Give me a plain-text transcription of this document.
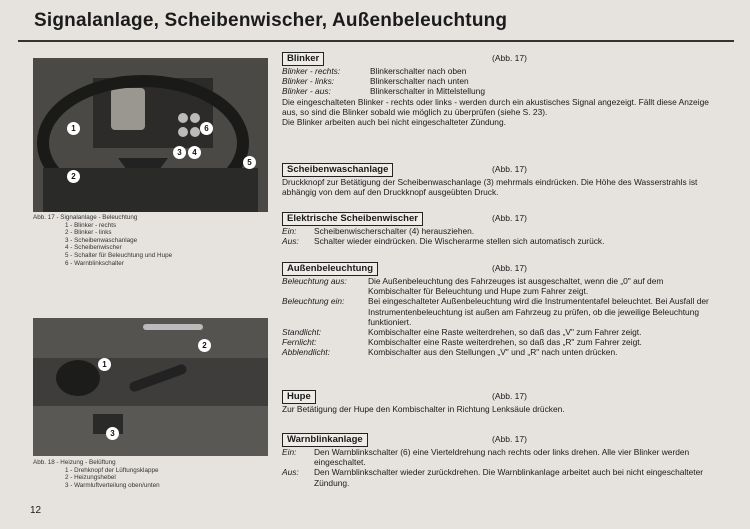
Signalanlage, Scheibenwischer, Außenbeleuchtung
1
2
3	4
5
6
Abb. 17 - Signalanlage - Beleuchtung
1 - Blinker - rechts
2 - Blinker - links
3 - Scheibenwaschanlage
4 - Scheibenwischer
5 - Schalter für Beleuchtung und Hupe
6 - Warnblinkschalter
1
2
3
Abb. 18 - Heizung - Belüftung
1 - Drehknopf der Lüftungsklappe
2 - Heizungshebel
3 - Warmluftverteilung oben/unten
12
Blinker	(Abb. 17)
Blinker - rechts:	Blinkerschalter nach oben
Blinker - links:	Blinkerschalter nach unten
Blinker - aus:	Blinkerschalter in Mittelstellung

Die eingeschalteten Blinker - rechts oder links - werden durch ein akustisches Signal angezeigt. Fällt diese Anzeige aus, so sind die Blinker sobald wie möglich zu überprüfen (siehe S. 23).

Die Blinker arbeiten auch bei nicht eingeschalteter Zündung.

Scheibenwaschanlage	(Abb. 17)

Druckknopf zur Betätigung der Scheibenwaschanlage (3) mehrmals eindrücken. Die Höhe des Wasserstrahls ist abhängig von dem auf den Druckknopf ausgeübten Druck.

Elektrische Scheibenwischer	(Abb. 17)
Ein:	Scheibenwischerschalter (4) herausziehen.
Aus:	Schalter wieder eindrücken. Die Wischerarme stellen sich automatisch zurück.
Außenbeleuchtung	(Abb. 17)
Beleuchtung aus:	Die Außenbeleuchtung des Fahrzeuges ist ausgeschaltet, wenn die „0" auf dem Kombischalter für Beleuchtung und Hupe zum Fahrer zeigt.
Beleuchtung ein:	Bei eingeschalteter Außenbeleuchtung wird die Instrumententafel beleuchtet. Bei Ausfall der Instrumentenbeleuchtung ist außen am Fahrzeug zu prüfen, ob die jeweilige Beleuchtung funktioniert.
Standlicht:	Kombischalter eine Raste weiterdrehen, so daß das „V" zum Fahrer zeigt.
Fernlicht:	Kombischalter eine Raste weiterdrehen, so daß das „R" zum Fahrer zeigt.
Abblendlicht:	Kombischalter aus den Stellungen „V" und „R" nach unten drücken.
Hupe	(Abb. 17)

Zur Betätigung der Hupe den Kombischalter in Richtung Lenksäule drücken.

Warnblinkanlage	(Abb. 17)
Ein:	Den Warnblinkschalter (6) eine Vierteldrehung nach rechts oder links drehen. Alle vier Blinker werden eingeschaltet.
Aus:	Den Warnblinkschalter wieder zurückdrehen. Die Warnblinkanlage arbeitet auch bei nicht eingeschalteter Zündung.
